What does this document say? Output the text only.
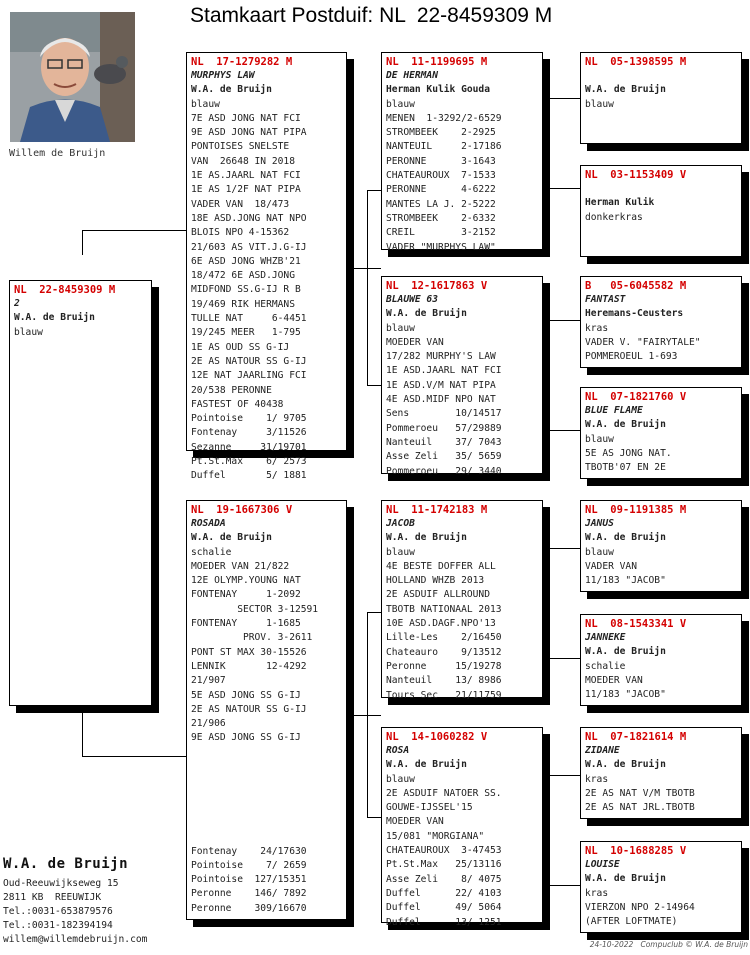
Stamkaart Postduif: NL  22-8459309 M
Willem de Bruijn
NL  22-8459309 M
2
W.A. de Bruijn
blauw
NL  17-1279282 M
MURPHYS LAW
W.A. de Bruijn
blauw
7E ASD JONG NAT FCI
9E ASD JONG NAT PIPA
PONTOISES SNELSTE
VAN  26648 IN 2018
1E AS.JAARL NAT FCI
1E AS 1/2F NAT PIPA
VADER VAN  18/473
18E ASD.JONG NAT NPO
BLOIS NPO 4-15362
21/603 AS VIT.J.G-IJ
6E ASD JONG WHZB'21
18/472 6E ASD.JONG
MIDFOND SS.G-IJ R B
19/469 RIK HERMANS
TULLE NAT     6-4451
19/245 MEER   1-795
1E AS OUD SS G-IJ
2E AS NATOUR SS G-IJ
12E NAT JAARLING FCI
20/538 PERONNE
FASTEST OF 40438
Pointoise    1/ 9705
Fontenay     3/11526
Sezanne     31/19701
Pt.St.Max    6/ 2573
Duffel       5/ 1881
NL  19-1667306 V
ROSADA
W.A. de Bruijn
schalie
MOEDER VAN 21/822
12E OLYMP.YOUNG NAT
FONTENAY     1-2092
SECTOR 3-12591
FONTENAY     1-1685
PROV. 3-2611
PONT ST MAX 30-15526
LENNIK       12-4292
21/907
5E ASD JONG SS G-IJ
2E AS NATOUR SS G-IJ
21/906
9E ASD JONG SS G-IJ
Fontenay    24/17630
Pointoise    7/ 2659
Pointoise  127/15351
Peronne    146/ 7892
Peronne    309/16670
NL  11-1199695 M
DE HERMAN
Herman Kulik Gouda
blauw
MENEN  1-3292/2-6529
STROMBEEK    2-2925
NANTEUIL     2-17186
PERONNE      3-1643
CHATEAUROUX  7-1533
PERONNE      4-6222
MANTES LA J. 2-5222
STROMBEEK    2-6332
CREIL        3-2152
VADER "MURPHYS LAW"
NL  12-1617863 V
BLAUWE 63
W.A. de Bruijn
blauw
MOEDER VAN
17/282 MURPHY'S LAW
1E ASD.JAARL NAT FCI
1E ASD.V/M NAT PIPA
4E ASD.MIDF NPO NAT
Sens        10/14517
Pommeroeu   57/29889
Nanteuil    37/ 7043
Asse Zeli   35/ 5659
Pommeroeu   29/ 3440
NL  11-1742183 M
JACOB
W.A. de Bruijn
blauw
4E BESTE DOFFER ALL
HOLLAND WHZB 2013
2E ASDUIF ALLROUND
TBOTB NATIONAAL 2013
10E ASD.DAGF.NPO'13
Lille-Les    2/16450
Chateauro    9/13512
Peronne     15/19278
Nanteuil    13/ 8986
Tours Sec   21/11759
NL  14-1060282 V
ROSA
W.A. de Bruijn
blauw
2E ASDUIF NATOER SS.
GOUWE-IJSSEL'15
MOEDER VAN
15/081 "MORGIANA"
CHATEAUROUX  3-47453
Pt.St.Max   25/13116
Asse Zeli    8/ 4075
Duffel      22/ 4103
Duffel      49/ 5064
Duffel      13/ 1251
NL  05-1398595 M

W.A. de Bruijn
blauw
NL  03-1153409 V

Herman Kulik
donkerkras
B   05-6045582 M
FANTAST
Heremans-Ceusters
kras
VADER V. "FAIRYTALE"
POMMEROEUL 1-693
NL  07-1821760 V
BLUE FLAME
W.A. de Bruijn
blauw
5E AS JONG NAT.
TBOTB'07 EN 2E
NL  09-1191385 M
JANUS
W.A. de Bruijn
blauw
VADER VAN
11/183 "JACOB"
NL  08-1543341 V
JANNEKE
W.A. de Bruijn
schalie
MOEDER VAN
11/183 "JACOB"
NL  07-1821614 M
ZIDANE
W.A. de Bruijn
kras
2E AS NAT V/M TBOTB
2E AS NAT JRL.TBOTB
NL  10-1688285 V
LOUISE
W.A. de Bruijn
kras
VIERZON NPO 2-14964
(AFTER LOFTMATE)
W.A. de Bruijn
Oud-Reeuwijkseweg 15
2811 KB  REEUWIJK
Tel.:0031-653879576
Tel.:0031-182394194
willem@willemdebruijn.com	24-10-2022   Compuclub © W.A. de Bruijn
